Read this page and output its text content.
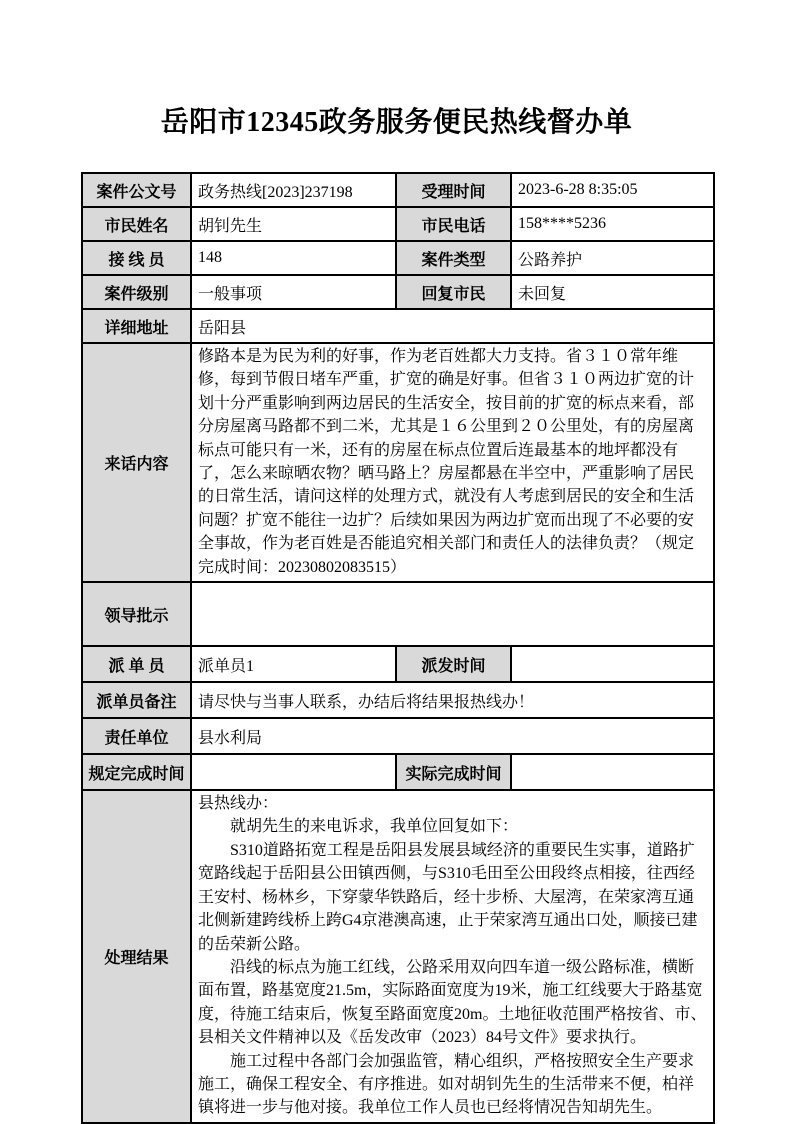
岳阳市12345政务服务便民热线督办单
案件公文号	政务热线[2023]237198	受理时间	2023-6-28 8:35:05
市民姓名	胡钊先生	市民电话	158****5236
接 线 员	148	案件类型	公路养护
案件级别	一般事项	回复市民	未回复
详细地址	岳阳县		
来话内容	修路本是为民为利的好事，作为老百姓都大力支持。省３１０常年维修，每到节假日堵车严重，扩宽的确是好事。但省３１０两边扩宽的计划十分严重影响到两边居民的生活安全，按目前的扩宽的标点来看，部分房屋离马路都不到二米，尤其是１６公里到２０公里处，有的房屋离标点可能只有一米，还有的房屋在标点位置后连最基本的地坪都没有了，怎么来晾晒农物？晒马路上？房屋都悬在半空中，严重影响了居民的日常生活，请问这样的处理方式，就没有人考虑到居民的安全和生活问题？扩宽不能往一边扩？后续如果因为两边扩宽而出现了不必要的安全事故，作为老百姓是否能追究相关部门和责任人的法律负责？（规定完成时间：20230802083515）		

领导批示			
派 单 员	派单员1	派发时间	
派单员备注	请尽快与当事人联系，办结后将结果报热线办！		
责任单位	县水利局		
规定完成时间		实际完成时间	
处理结果	县热线办：

　　就胡先生的来电诉求，我单位回复如下：

　　S310道路拓宽工程是岳阳县发展县域经济的重要民生实事，道路扩宽路线起于岳阳县公田镇西侧，与S310毛田至公田段终点相接，往西经王安村、杨林乡，下穿蒙华铁路后，经十步桥、大屋湾，在荣家湾互通北侧新建跨线桥上跨G4京港澳高速，止于荣家湾互通出口处，顺接已建的岳荣新公路。

　　沿线的标点为施工红线，公路采用双向四车道一级公路标准，横断面布置，路基宽度21.5m，实际路面宽度为19米，施工红线要大于路基宽度，待施工结束后，恢复至路面宽度20m。土地征收范围严格按省、市、县相关文件精神以及《岳发改审（2023）84号文件》要求执行。

　　施工过程中各部门会加强监管，精心组织，严格按照安全生产要求施工，确保工程安全、有序推进。如对胡钊先生的生活带来不便，柏祥镇将进一步与他对接。我单位工作人员也已经将情况告知胡先生。		
